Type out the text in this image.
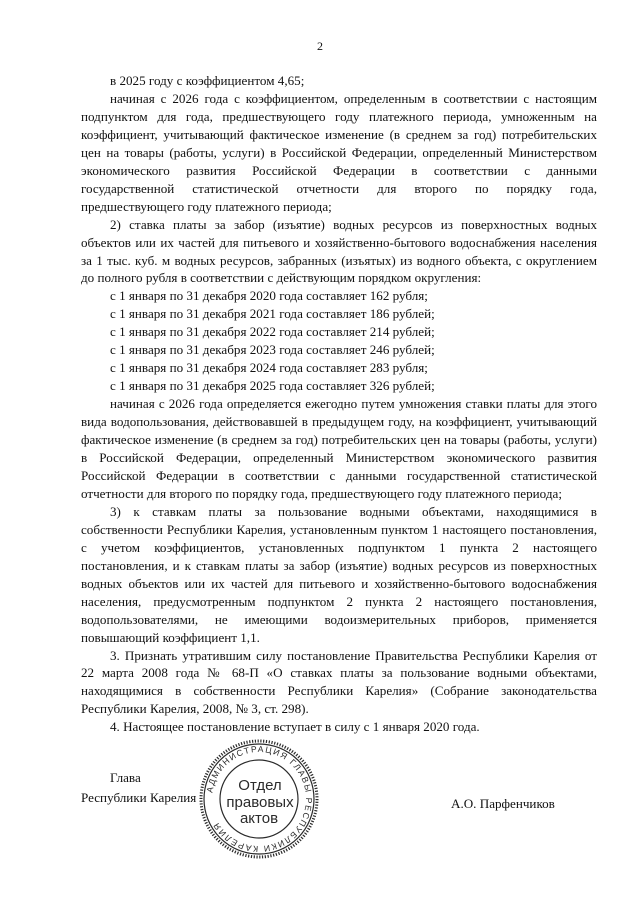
2

в 2025 году с коэффициентом 4,65;

начиная с 2026 года с коэффициентом, определенным в соответствии с настоящим подпунктом для года, предшествующего году платежного периода, умноженным на коэффициент, учитывающий фактическое изменение (в среднем за год) потребительских цен на товары (работы, услуги) в Российской Федерации, определенный Министерством экономического развития Российской Федерации в соответствии с данными государственной статистической отчетности для второго по порядку года, предшествующего году платежного периода;

2) ставка платы за забор (изъятие) водных ресурсов из поверхностных водных объектов или их частей для питьевого и хозяйственно-бытового водоснабжения населения за 1 тыс. куб. м водных ресурсов, забранных (изъятых) из водного объекта, с округлением до полного рубля в соответствии с действующим порядком округления:

с 1 января по 31 декабря 2020 года составляет 162 рубля;

с 1 января по 31 декабря 2021 года составляет 186 рублей;

с 1 января по 31 декабря 2022 года составляет 214 рублей;

с 1 января по 31 декабря 2023 года составляет 246 рублей;

с 1 января по 31 декабря 2024 года составляет 283 рубля;

с 1 января по 31 декабря 2025 года составляет 326 рублей;

начиная с 2026 года определяется ежегодно путем умножения ставки платы для этого вида водопользования, действовавшей в предыдущем году, на коэффициент, учитывающий фактическое изменение (в среднем за год) потребительских цен на товары (работы, услуги) в Российской Федерации, определенный Министерством экономического развития Российской Федерации в соответствии с данными государственной статистической отчетности для второго по порядку года, предшествующего году платежного периода;

3) к ставкам платы за пользование водными объектами, находящимися в собственности Республики Карелия, установленным пунктом 1 настоящего постановления, с учетом коэффициентов, установленных подпунктом 1 пункта 2 настоящего постановления, и к ставкам платы за забор (изъятие) водных ресурсов из поверхностных водных объектов или их частей для питьевого и хозяйственно-бытового водоснабжения населения, предусмотренным подпунктом 2 пункта 2 настоящего постановления, водопользователями, не имеющими водоизмерительных приборов, применяется повышающий коэффициент 1,1.

3. Признать утратившим силу постановление Правительства Республики Карелия от 22 марта 2008 года № 68-П «О ставках платы за пользование водными объектами, находящимися в собственности Республики Карелия» (Собрание законодательства Республики Карелия, 2008, № 3, ст. 298).

4. Настоящее постановление вступает в силу с 1 января 2020 года.

Глава
Республики Карелия
АДМИНИСТРАЦИЯ ГЛАВЫ РЕСПУБЛИКИ КАРЕЛИЯ
Отдел
правовых
актов
А.О. Парфенчиков
